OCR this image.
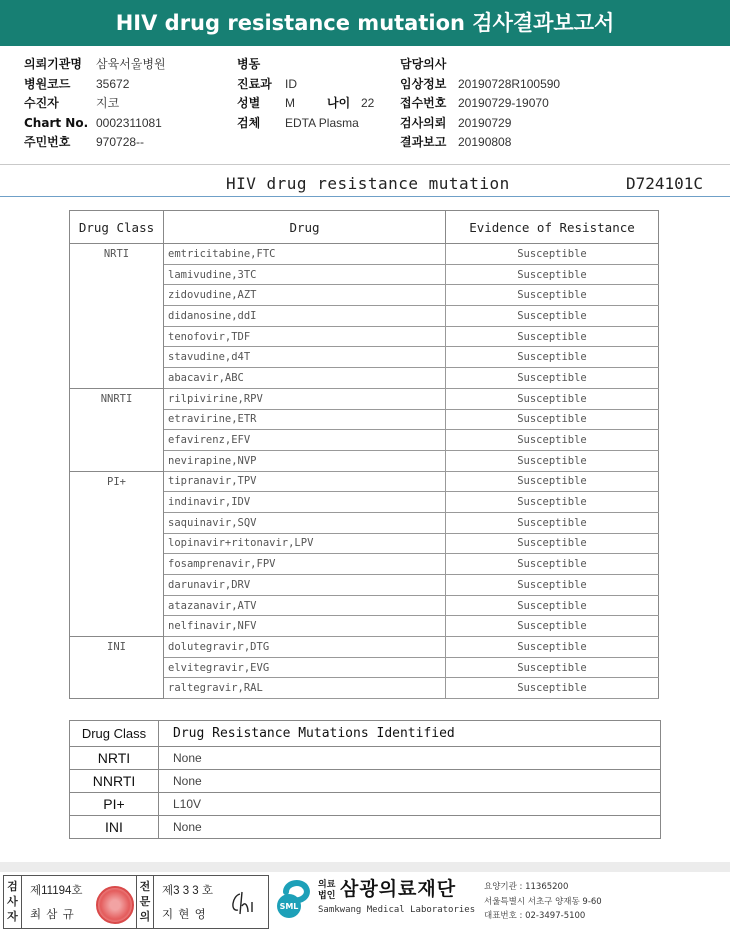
HIV drug resistance mutation 검사결과보고서
의뢰기관명 삼육서울병원
병원코드 35672
수진자	지코
Chart No. 0002311081
주민번호 970728--
병동
진료과 ID
성별 M	나이 22
검체 EDTA Plasma
담당의사
임상정보 20190728R100590
접수번호 20190729-19070
검사의뢰 20190729
결과보고 20190808
HIV drug resistance mutation	D724101C
Drug Class	Drug	Evidence of Resistance
NRTI	emtricitabine,FTC	Susceptible
	lamivudine,3TC	Susceptible
	zidovudine,AZT	Susceptible
	didanosine,ddI	Susceptible
	tenofovir,TDF	Susceptible
	stavudine,d4T	Susceptible
	abacavir,ABC	Susceptible
NNRTI	rilpivirine,RPV	Susceptible
	etravirine,ETR	Susceptible
	efavirenz,EFV	Susceptible
	nevirapine,NVP	Susceptible
PI+	tipranavir,TPV	Susceptible
	indinavir,IDV	Susceptible
	saquinavir,SQV	Susceptible
	lopinavir+ritonavir,LPV	Susceptible
	fosamprenavir,FPV	Susceptible
	darunavir,DRV	Susceptible
	atazanavir,ATV	Susceptible
	nelfinavir,NFV	Susceptible
INI	dolutegravir,DTG	Susceptible
	elvitegravir,EVG	Susceptible
	raltegravir,RAL	Susceptible
Drug Class	Drug Resistance Mutations Identified
NRTI	None
NNRTI	None
PI+	L10V
INI	None
검사자
제11194호
최 삼 규
전문의
제3 3 3 호
지 현 영
SML
의료법인 삼광의료재단
Samkwang Medical Laboratories
요양기관 : 11365200
서울특별시 서초구 양재동 9-60
대표번호 : 02-3497-5100
